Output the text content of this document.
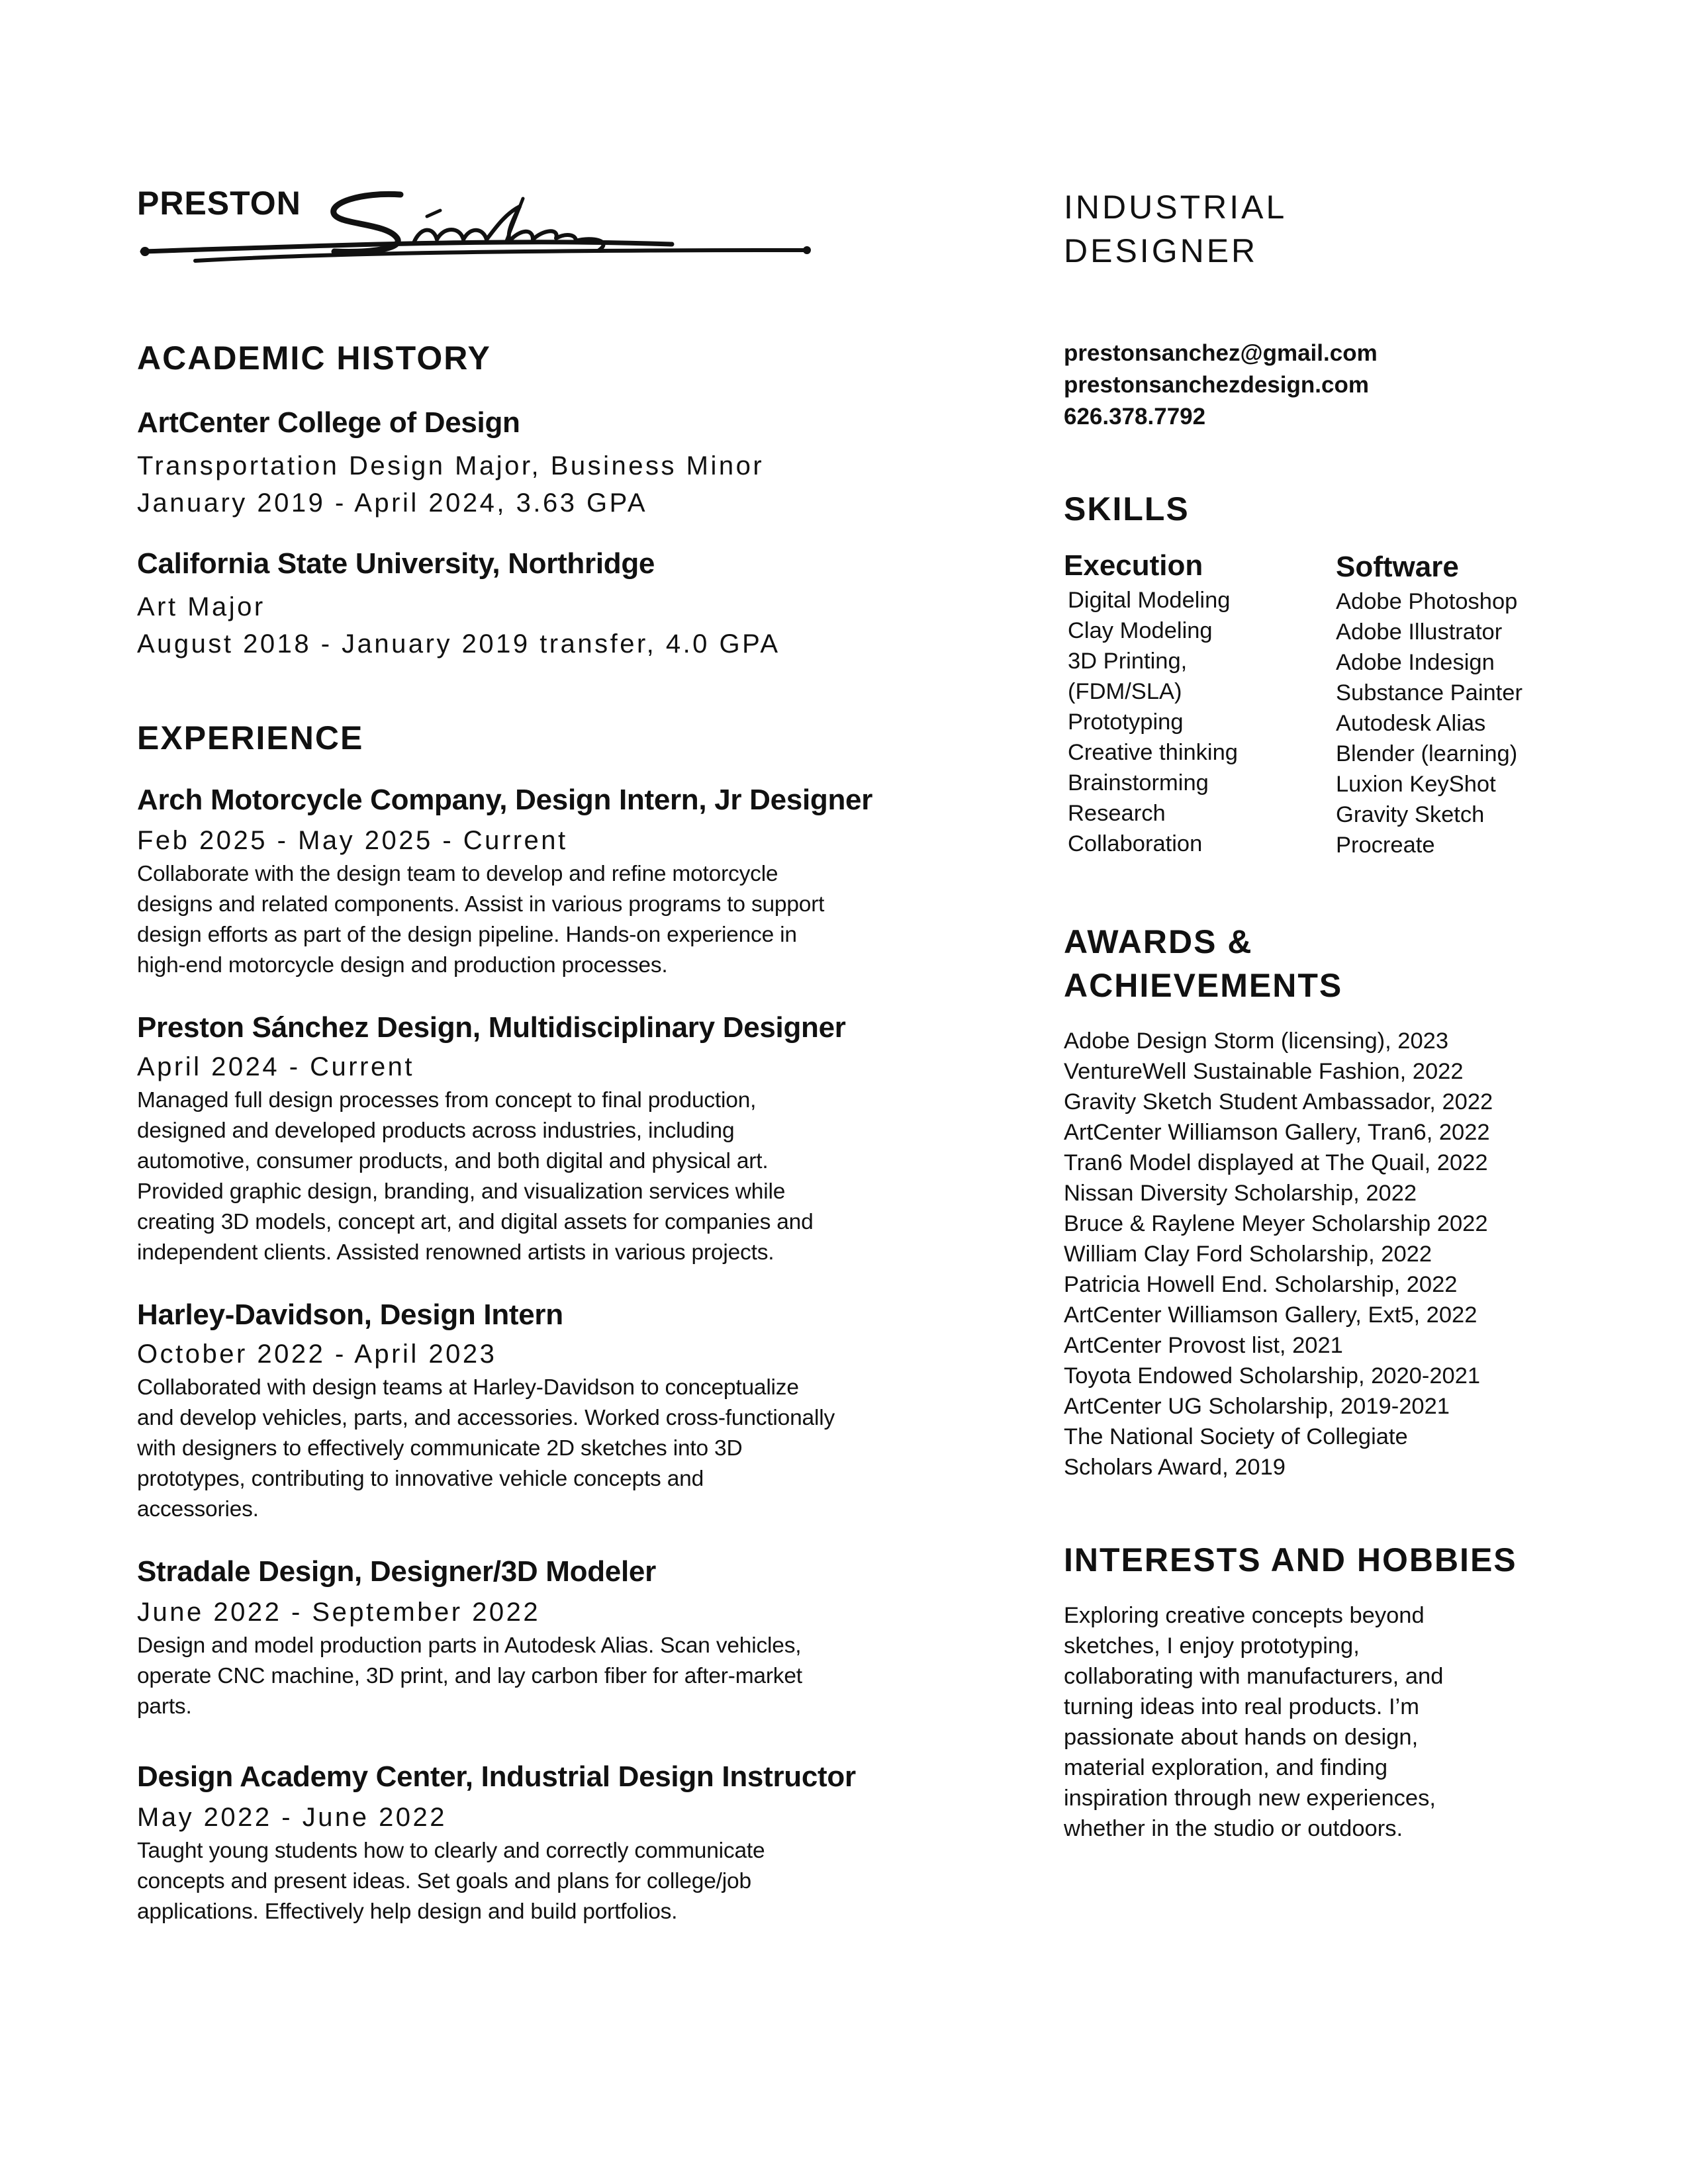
PRESTON	INDUSTRIAL
DESIGNER
ACADEMIC HISTORY
ArtCenter College of Design
Transportation Design Major, Business Minor
January 2019 - April 2024, 3.63 GPA
California State University, Northridge
Art Major
August 2018 - January 2019 transfer, 4.0 GPA
EXPERIENCE
Arch Motorcycle Company, Design Intern, Jr Designer
Feb 2025 - May 2025 - Current
Collaborate with the design team to develop and refine motorcycle
designs and related components. Assist in various programs to support
design efforts as part of the design pipeline. Hands-on experience in
high-end motorcycle design and production processes.
Preston Sánchez Design, Multidisciplinary Designer
April 2024 - Current
Managed full design processes from concept to final production,
designed and developed products across industries, including
automotive, consumer products, and both digital and physical art.
Provided graphic design, branding, and visualization services while
creating 3D models, concept art, and digital assets for companies and
independent clients. Assisted renowned artists in various projects.
Harley-Davidson, Design Intern
October 2022 - April 2023
Collaborated with design teams at Harley-Davidson to conceptualize
and develop vehicles, parts, and accessories. Worked cross-functionally
with designers to effectively communicate 2D sketches into 3D
prototypes, contributing to innovative vehicle concepts and
accessories.
Stradale Design, Designer/3D Modeler
June 2022 - September 2022
Design and model production parts in Autodesk Alias. Scan vehicles,
operate CNC machine, 3D print, and lay carbon fiber for after-market
parts.
Design Academy Center, Industrial Design Instructor
May 2022 - June 2022
Taught young students how to clearly and correctly communicate
concepts and present ideas. Set goals and plans for college/job
applications. Effectively help design and build portfolios.
prestonsanchez@gmail.com
prestonsanchezdesign.com
626.378.7792
SKILLS
Execution
Digital Modeling
Clay Modeling
3D Printing,
(FDM/SLA)
Prototyping
Creative thinking
Brainstorming
Research
Collaboration
Software
Adobe Photoshop
Adobe Illustrator
Adobe Indesign
Substance Painter
Autodesk Alias
Blender (learning)
Luxion KeyShot
Gravity Sketch
Procreate
AWARDS &
ACHIEVEMENTS
Adobe Design Storm (licensing), 2023
VentureWell Sustainable Fashion, 2022
Gravity Sketch Student Ambassador, 2022
ArtCenter Williamson Gallery, Tran6, 2022
Tran6 Model displayed at The Quail, 2022
Nissan Diversity Scholarship, 2022
Bruce & Raylene Meyer Scholarship 2022
William Clay Ford Scholarship, 2022
Patricia Howell End. Scholarship, 2022
ArtCenter Williamson Gallery, Ext5, 2022
ArtCenter Provost list, 2021
Toyota Endowed Scholarship, 2020-2021
ArtCenter UG Scholarship, 2019-2021
The National Society of Collegiate
Scholars Award, 2019
INTERESTS AND HOBBIES
Exploring creative concepts beyond
sketches, I enjoy prototyping,
collaborating with manufacturers, and
turning ideas into real products. I’m
passionate about hands on design,
material exploration, and finding
inspiration through new experiences,
whether in the studio or outdoors.
